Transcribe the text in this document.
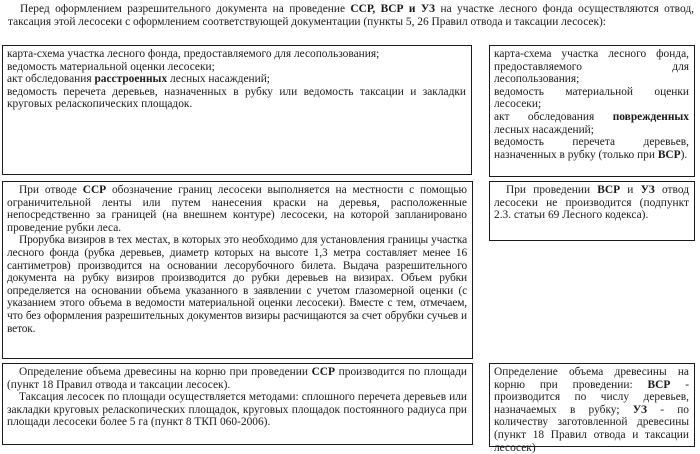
Перед оформлением разрешительного документа на проведение ССР, ВСР и УЗ на участке лесного фонда осуществляются отвод, таксация этой лесосеки с оформлением соответствующей документации (пункты 5, 26 Правил отвода и таксации лесосек):

карта-схема участка лесного фонда, предоставляемого для лесопользования;

ведомость материальной оценки лесосеки;

акт обследования расстроенных лесных насаждений;

ведомость перечета деревьев, назначенных в рубку или ведомость таксации и закладки круговых реласкопических площадок.

карта-схема участка лесного фонда, предоставляемого для лесопользования;

ведомость материальной оценки лесосеки;

акт обследования поврежденных лесных насаждений;

ведомость перечета деревьев, назначенных в рубку (только при ВСР).

При отводе ССР обозначение границ лесосеки выполняется на местности с помощью ограничительной ленты или путем нанесения краски на деревья, расположенные непосредственно за границей (на внешнем контуре) лесосеки, на которой запланировано проведение рубки леса.

Прорубка визиров в тех местах, в которых это необходимо для установления границы участка лесного фонда (рубка деревьев, диаметр которых на высоте 1,3 метра составляет менее 16 сантиметров) производится на основании лесорубочного билета. Выдача разрешительного документа на рубку визиров производится до рубки деревьев на визирах. Объем рубки определяется на основании объема указанного в заявлении с учетом глазомерной оценки (с указанием этого объема в ведомости материальной оценки лесосеки). Вместе с тем, отмечаем, что без оформления разрешительных документов визиры расчищаются за счет обрубки сучьев и веток.

При проведении ВСР и УЗ отвод лесосеки не производится (подпункт 2.3. статьи 69 Лесного кодекса).

Определение объема древесины на корню при проведении ССР производится по площади (пункт 18 Правил отвода и таксации лесосек).

Таксация лесосек по площади осуществляется методами: сплошного перечета деревьев или закладки круговых реласкопических площадок, круговых площадок постоянного радиуса при площади лесосеки более 5 га (пункт 8 ТКП 060-2006).

Определение объема древесины на корню при проведении: ВСР - производится по числу деревьев, назначаемых в рубку; УЗ - по количеству заготовленной древесины (пункт 18 Правил отвода и таксации лесосек)
